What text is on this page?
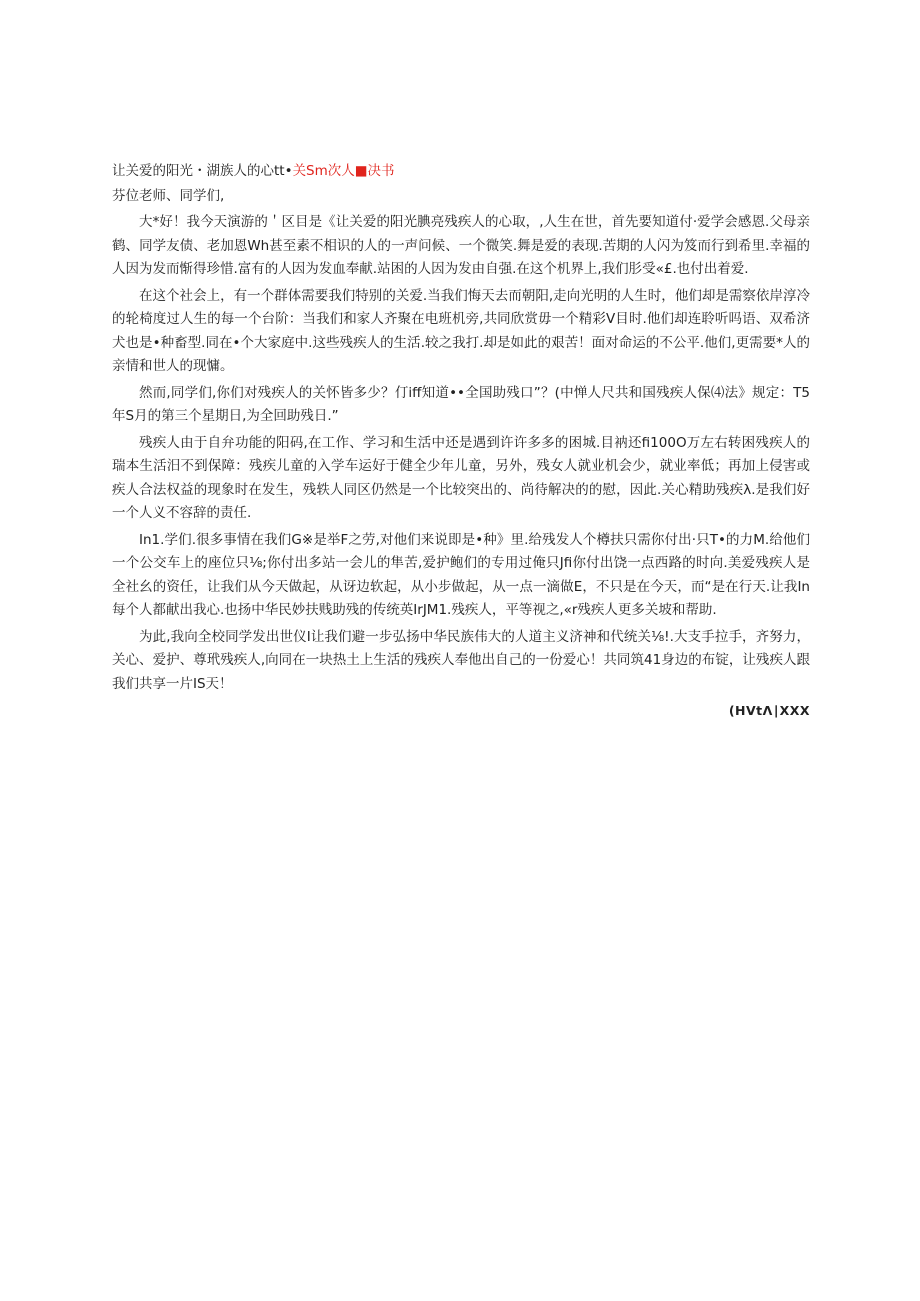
让关爱的阳光・湖族人的心tt•关Sm次人■决书
芬位老师、同学们,

大*好！我今天演游的＇区目是《让关爱的阳光腆亮残疾人的心取，,人生在世，首先要知道付·爱学会感恩.父母亲鹤、同学友债、老加恩Wh甚至素不相识的人的一声问候、一个微笑.舞是爱的表现.苦期的人闪为笈而行到希里.幸福的人因为发而惭得珍惜.富有的人因为发血奉献.站困的人因为发由自强.在这个机界上,我们肜受«£.也付出着爱.

在这个社会上，有一个群体需要我们特别的关爱.当我们悔天去而朝阳,走向光明的人生时，他们却是需察依岸淳冷的轮椅度过人生的每一个台阶：当我们和家人齐聚在电班机旁,共同欣赏毋一个精彩V目时.他们却连聆听吗语、双希济犬也是•种畜型.同在•个大家庭中.这些残疾人的生活.较之我打.却是如此的艰苦！面对命运的不公平.他们,更需要*人的亲情和世人的现慵。

然而,同学们,你们对残疾人的关怀皆多少？仃iff知道••全国助残口”？(中惮人尺共和国残疾人保⑷法》规定：T5年S月的第三个星期日,为全回助残日.”

残疾人由于自弁功能的阳码,在工作、学习和生活中还是遇到许许多多的困城.目衲还fi100O万左右转困残疾人的瑞本生活汨不到保障：残疾儿童的入学车运好于健全少年儿童，另外，残女人就业机会少，就业率低；再加上侵害或疾人合法权益的现象时在发生，残轶人同区仍然是一个比较突出的、尚待解决的的慰，因此.关心精助残疾λ.是我们好一个人义不容辞的责任.

In1.学们.很多事情在我们G※是举F之劳,对他们来说即是•种》里.给残发人个樽扶只需你付出·只T•的力M.给他们一个公交车上的座位只⅛;你付出多站一会儿的隼苦,爱护鲍们的专用过俺只Jfi你付出饶一点西路的时向.美爱残疾人是全社幺的资任，让我们从今天做起，从讶边软起，从小步做起，从一点一滴做E，不只是在今天，而“是在行天.让我In每个人都献出我心.也扬中华民妙扶贱助残的传统英IrJM1.残疾人，平等视之,«r残疾人更多关坡和帮助.

为此,我向全校同学发出世仪I让我们避一步弘扬中华民族伟大的人道主义济神和代统关⅛!.大支手拉手，齐努力，关心、爱护、尊玳残疾人,向同在一块热土上生活的残疾人奉他出自己的一份爱心！共同筑41身边的布锭，让残疾人跟我们共享一片IS天！

(HVtΛ∣XXX
